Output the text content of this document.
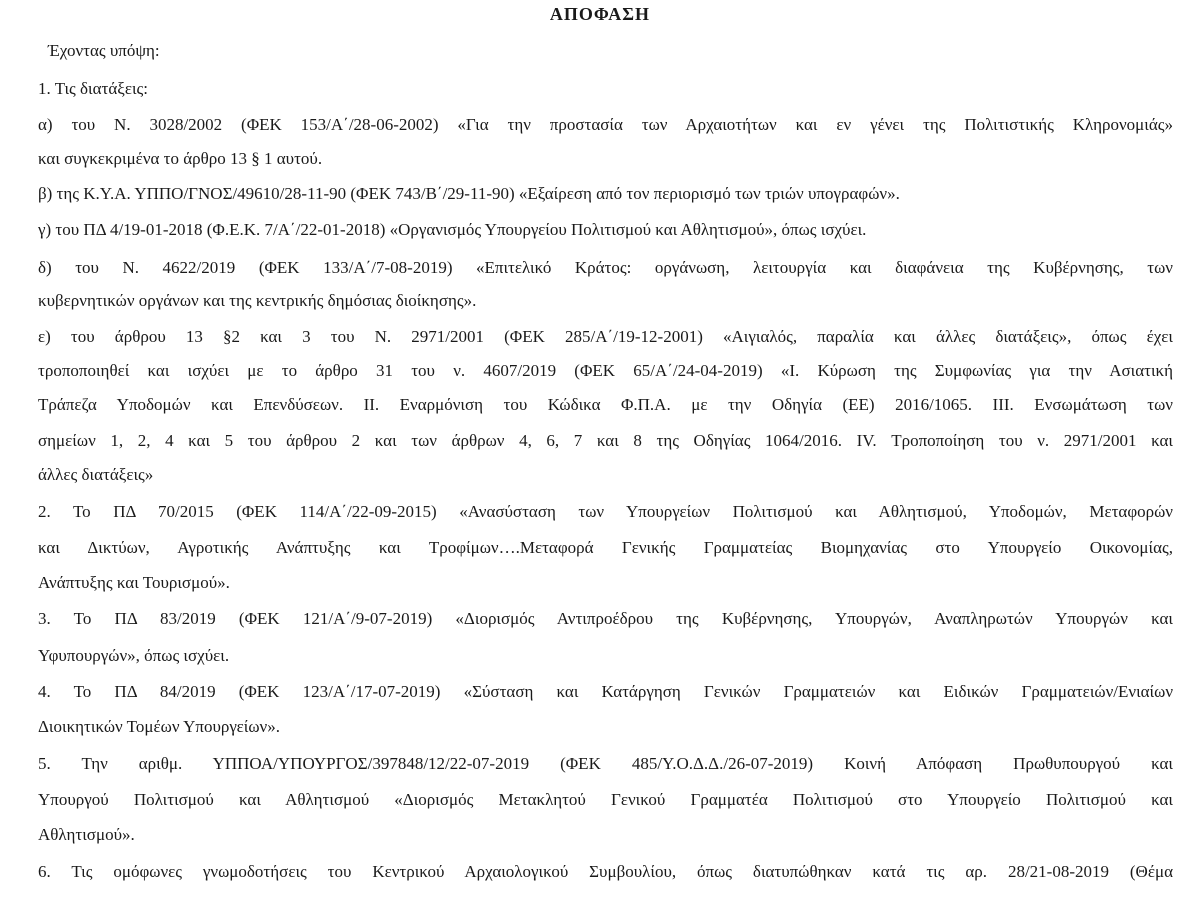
ΑΠΟΦΑΣΗ
Έχοντας υπόψη:
1. Τις διατάξεις:
α) του Ν. 3028/2002 (ΦΕΚ 153/Α΄/28-06-2002) «Για την προστασία των Αρχαιοτήτων και εν γένει της Πολιτιστικής Κληρονομιάς»
και συγκεκριμένα το άρθρο 13 § 1 αυτού.
β) της Κ.Υ.Α. ΥΠΠΟ/ΓΝΟΣ/49610/28-11-90 (ΦΕΚ 743/Β΄/29-11-90) «Εξαίρεση από τον περιορισμό των τριών υπογραφών».
γ) του ΠΔ 4/19-01-2018 (Φ.Ε.Κ. 7/Α΄/22-01-2018) «Οργανισμός Υπουργείου Πολιτισμού και Αθλητισμού», όπως ισχύει.
δ) του Ν. 4622/2019 (ΦΕΚ 133/Α΄/7-08-2019) «Επιτελικό Κράτος: οργάνωση, λειτουργία και διαφάνεια της Κυβέρνησης, των
κυβερνητικών οργάνων και της κεντρικής δημόσιας διοίκησης».
ε) του άρθρου 13 §2 και 3 του Ν. 2971/2001 (ΦΕΚ 285/Α΄/19-12-2001) «Αιγιαλός, παραλία και άλλες διατάξεις», όπως έχει
τροποποιηθεί και ισχύει με το άρθρο 31 του ν. 4607/2019 (ΦΕΚ 65/Α΄/24-04-2019) «Ι. Κύρωση της Συμφωνίας για την Ασιατική
Τράπεζα Υποδομών και Επενδύσεων. ΙΙ. Εναρμόνιση του Κώδικα Φ.Π.Α. με την Οδηγία (ΕΕ) 2016/1065. ΙΙΙ. Ενσωμάτωση των
σημείων 1, 2, 4 και 5 του άρθρου 2 και των άρθρων 4, 6, 7 και 8 της Οδηγίας 1064/2016. IV. Τροποποίηση του ν. 2971/2001 και
άλλες διατάξεις»
2. Το ΠΔ 70/2015 (ΦΕΚ 114/Α΄/22-09-2015) «Ανασύσταση των Υπουργείων Πολιτισμού και Αθλητισμού, Υποδομών, Μεταφορών
και Δικτύων, Αγροτικής Ανάπτυξης και Τροφίμων….Μεταφορά Γενικής Γραμματείας Βιομηχανίας στο Υπουργείο Οικονομίας,
Ανάπτυξης και Τουρισμού».
3. Το ΠΔ 83/2019 (ΦΕΚ 121/Α΄/9-07-2019) «Διορισμός Αντιπροέδρου της Κυβέρνησης, Υπουργών, Αναπληρωτών Υπουργών και
Υφυπουργών», όπως ισχύει.
4. Το ΠΔ 84/2019 (ΦΕΚ 123/Α΄/17-07-2019) «Σύσταση και Κατάργηση Γενικών Γραμματειών και Ειδικών Γραμματειών/Ενιαίων
Διοικητικών Τομέων Υπουργείων».
5. Την αριθμ. ΥΠΠΟΑ/ΥΠΟΥΡΓΟΣ/397848/12/22-07-2019 (ΦΕΚ 485/Υ.Ο.Δ.Δ./26-07-2019) Κοινή Απόφαση Πρωθυπουργού και
Υπουργού Πολιτισμού και Αθλητισμού «Διορισμός Μετακλητού Γενικού Γραμματέα Πολιτισμού στο Υπουργείο Πολιτισμού και
Αθλητισμού».
6. Τις ομόφωνες γνωμοδοτήσεις του Κεντρικού Αρχαιολογικού Συμβουλίου, όπως διατυπώθηκαν κατά τις αρ. 28/21-08-2019 (Θέμα
